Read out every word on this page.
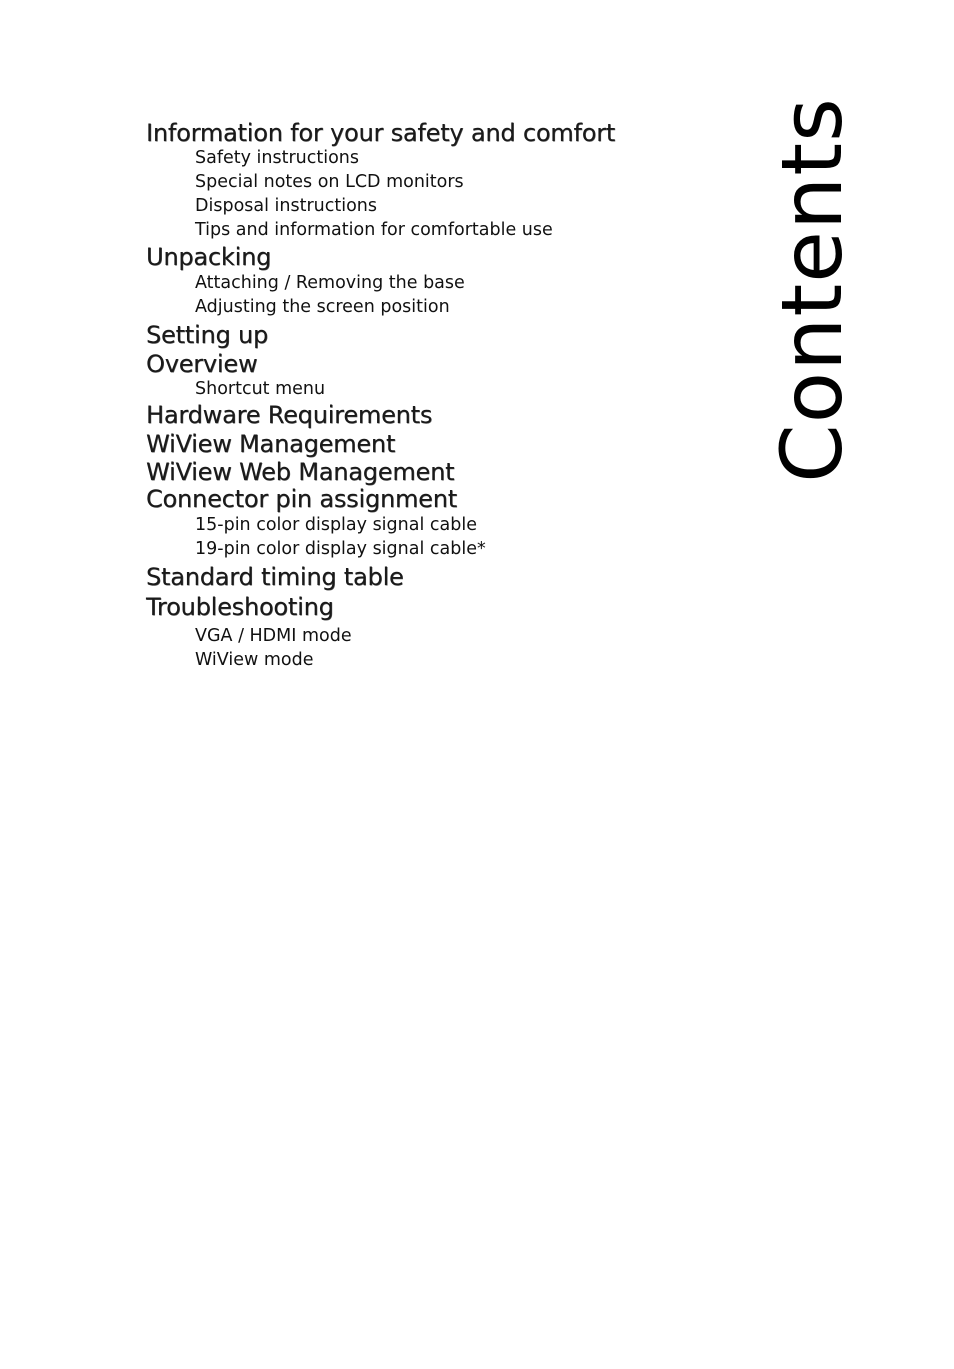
Information for your safety and comfort
Safety instructions
Special notes on LCD monitors
Disposal instructions
Tips and information for comfortable use
Unpacking
Attaching / Removing the base
Adjusting the screen position
Setting up
Overview
Shortcut menu
Hardware Requirements
WiView Management
WiView Web Management
Connector pin assignment
15-pin color display signal cable
19-pin color display signal cable*
Standard timing table
Troubleshooting
VGA / HDMI mode
WiView mode
Contents
